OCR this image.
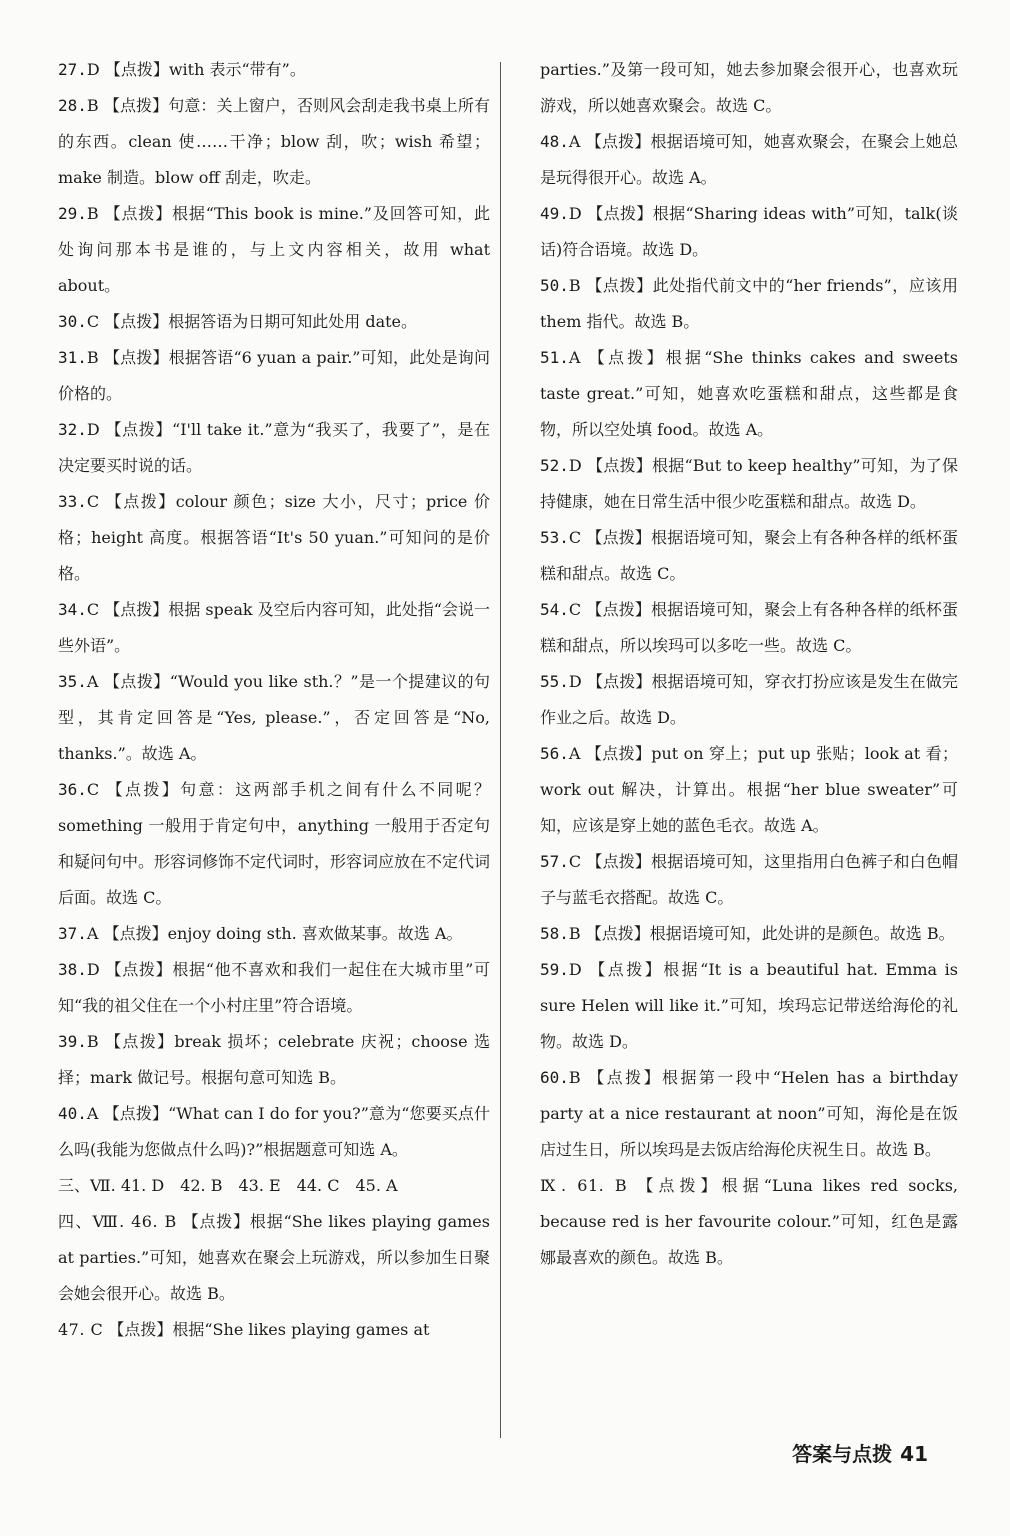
27.D 【点拨】with 表示“带有”。
28.B 【点拨】句意：关上窗户，否则风会刮走我书桌上所有的东西。clean 使……干净；blow 刮，吹；wish 希望；make 制造。blow off 刮走，吹走。
29.B 【点拨】根据“This book is mine.”及回答可知，此处询问那本书是谁的，与上文内容相关，故用 what about。
30.C 【点拨】根据答语为日期可知此处用 date。
31.B 【点拨】根据答语“6 yuan a pair.”可知，此处是询问价格的。
32.D 【点拨】“I'll take it.”意为“我买了，我要了”，是在决定要买时说的话。
33.C 【点拨】colour 颜色；size 大小，尺寸；price 价格；height 高度。根据答语“It's 50 yuan.”可知问的是价格。
34.C 【点拨】根据 speak 及空后内容可知，此处指“会说一些外语”。
35.A 【点拨】“Would you like sth.？”是一个提建议的句型，其肯定回答是“Yes, please.”，否定回答是“No, thanks.”。故选 A。
36.C 【点拨】句意：这两部手机之间有什么不同呢？something 一般用于肯定句中，anything 一般用于否定句和疑问句中。形容词修饰不定代词时，形容词应放在不定代词后面。故选 C。
37.A 【点拨】enjoy doing sth. 喜欢做某事。故选 A。
38.D 【点拨】根据“他不喜欢和我们一起住在大城市里”可知“我的祖父住在一个小村庄里”符合语境。
39.B 【点拨】break 损坏；celebrate 庆祝；choose 选择；mark 做记号。根据句意可知选 B。
40.A 【点拨】“What can I do for you?”意为“您要买点什么吗(我能为您做点什么吗)?”根据题意可知选 A。
三、Ⅶ. 41. D　42. B　43. E　44. C　45. A
四、Ⅷ. 46. B 【点拨】根据“She likes playing games at parties.”可知，她喜欢在聚会上玩游戏，所以参加生日聚会她会很开心。故选 B。
47. C 【点拨】根据“She likes playing games at
parties.”及第一段可知，她去参加聚会很开心，也喜欢玩游戏，所以她喜欢聚会。故选 C。
48.A 【点拨】根据语境可知，她喜欢聚会，在聚会上她总是玩得很开心。故选 A。
49.D 【点拨】根据“Sharing ideas with”可知，talk(谈话)符合语境。故选 D。
50.B 【点拨】此处指代前文中的“her friends”，应该用 them 指代。故选 B。
51.A 【点拨】根据“She thinks cakes and sweets taste great.”可知，她喜欢吃蛋糕和甜点，这些都是食物，所以空处填 food。故选 A。
52.D 【点拨】根据“But to keep healthy”可知，为了保持健康，她在日常生活中很少吃蛋糕和甜点。故选 D。
53.C 【点拨】根据语境可知，聚会上有各种各样的纸杯蛋糕和甜点。故选 C。
54.C 【点拨】根据语境可知，聚会上有各种各样的纸杯蛋糕和甜点，所以埃玛可以多吃一些。故选 C。
55.D 【点拨】根据语境可知，穿衣打扮应该是发生在做完作业之后。故选 D。
56.A 【点拨】put on 穿上；put up 张贴；look at 看；work out 解决，计算出。根据“her blue sweater”可知，应该是穿上她的蓝色毛衣。故选 A。
57.C 【点拨】根据语境可知，这里指用白色裤子和白色帽子与蓝毛衣搭配。故选 C。
58.B 【点拨】根据语境可知，此处讲的是颜色。故选 B。
59.D 【点拨】根据“It is a beautiful hat. Emma is sure Helen will like it.”可知，埃玛忘记带送给海伦的礼物。故选 D。
60.B 【点拨】根据第一段中“Helen has a birthday party at a nice restaurant at noon”可知，海伦是在饭店过生日，所以埃玛是去饭店给海伦庆祝生日。故选 B。
Ⅸ. 61. B 【点拨】根据“Luna likes red socks, because red is her favourite colour.”可知，红色是露娜最喜欢的颜色。故选 B。
答案与点拨 41
